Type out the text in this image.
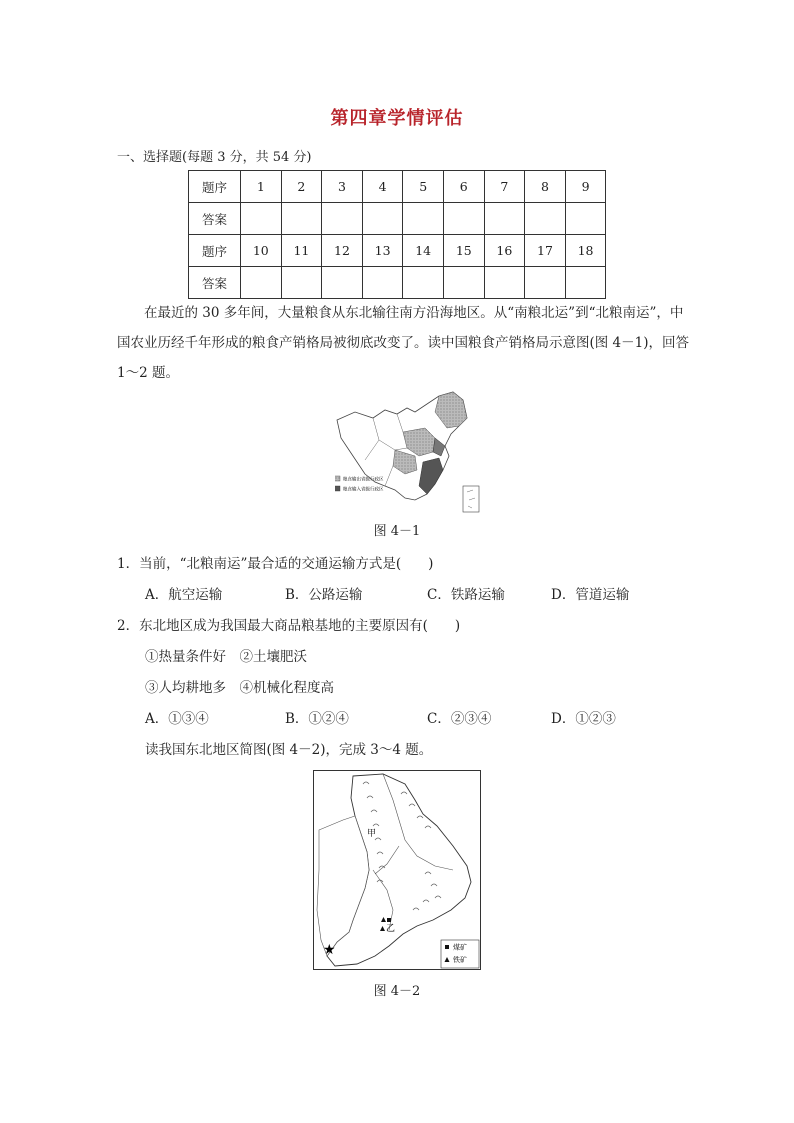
第四章学情评估
一、选择题(每题 3 分，共 54 分)
题序	1	2	3	4	5	6	7	8	9
答案									
题序	10	11	12	13	14	15	16	17	18
答案									
在最近的 30 多年间，大量粮食从东北输往南方沿海地区。从“南粮北运”到“北粮南运”，中国农业历经千年形成的粮食产销格局被彻底改变了。读中国粮食产销格局示意图(图 4－1)，回答 1～2 题。
粮食输出省级行政区
粮食输入省级行政区
图 4－1
1．当前，“北粮南运”最合适的交通运输方式是(　　)
A．航空运输	B．公路运输	C．铁路运输	D．管道运输
2．东北地区成为我国最大商品粮基地的主要原因有(　　)
①热量条件好　②土壤肥沃
③人均耕地多　④机械化程度高
A．①③④	B．①②④	C．②③④	D．①②③
读我国东北地区简图(图 4－2)，完成 3～4 题。
甲
乙
★	煤矿
铁矿
图 4－2
